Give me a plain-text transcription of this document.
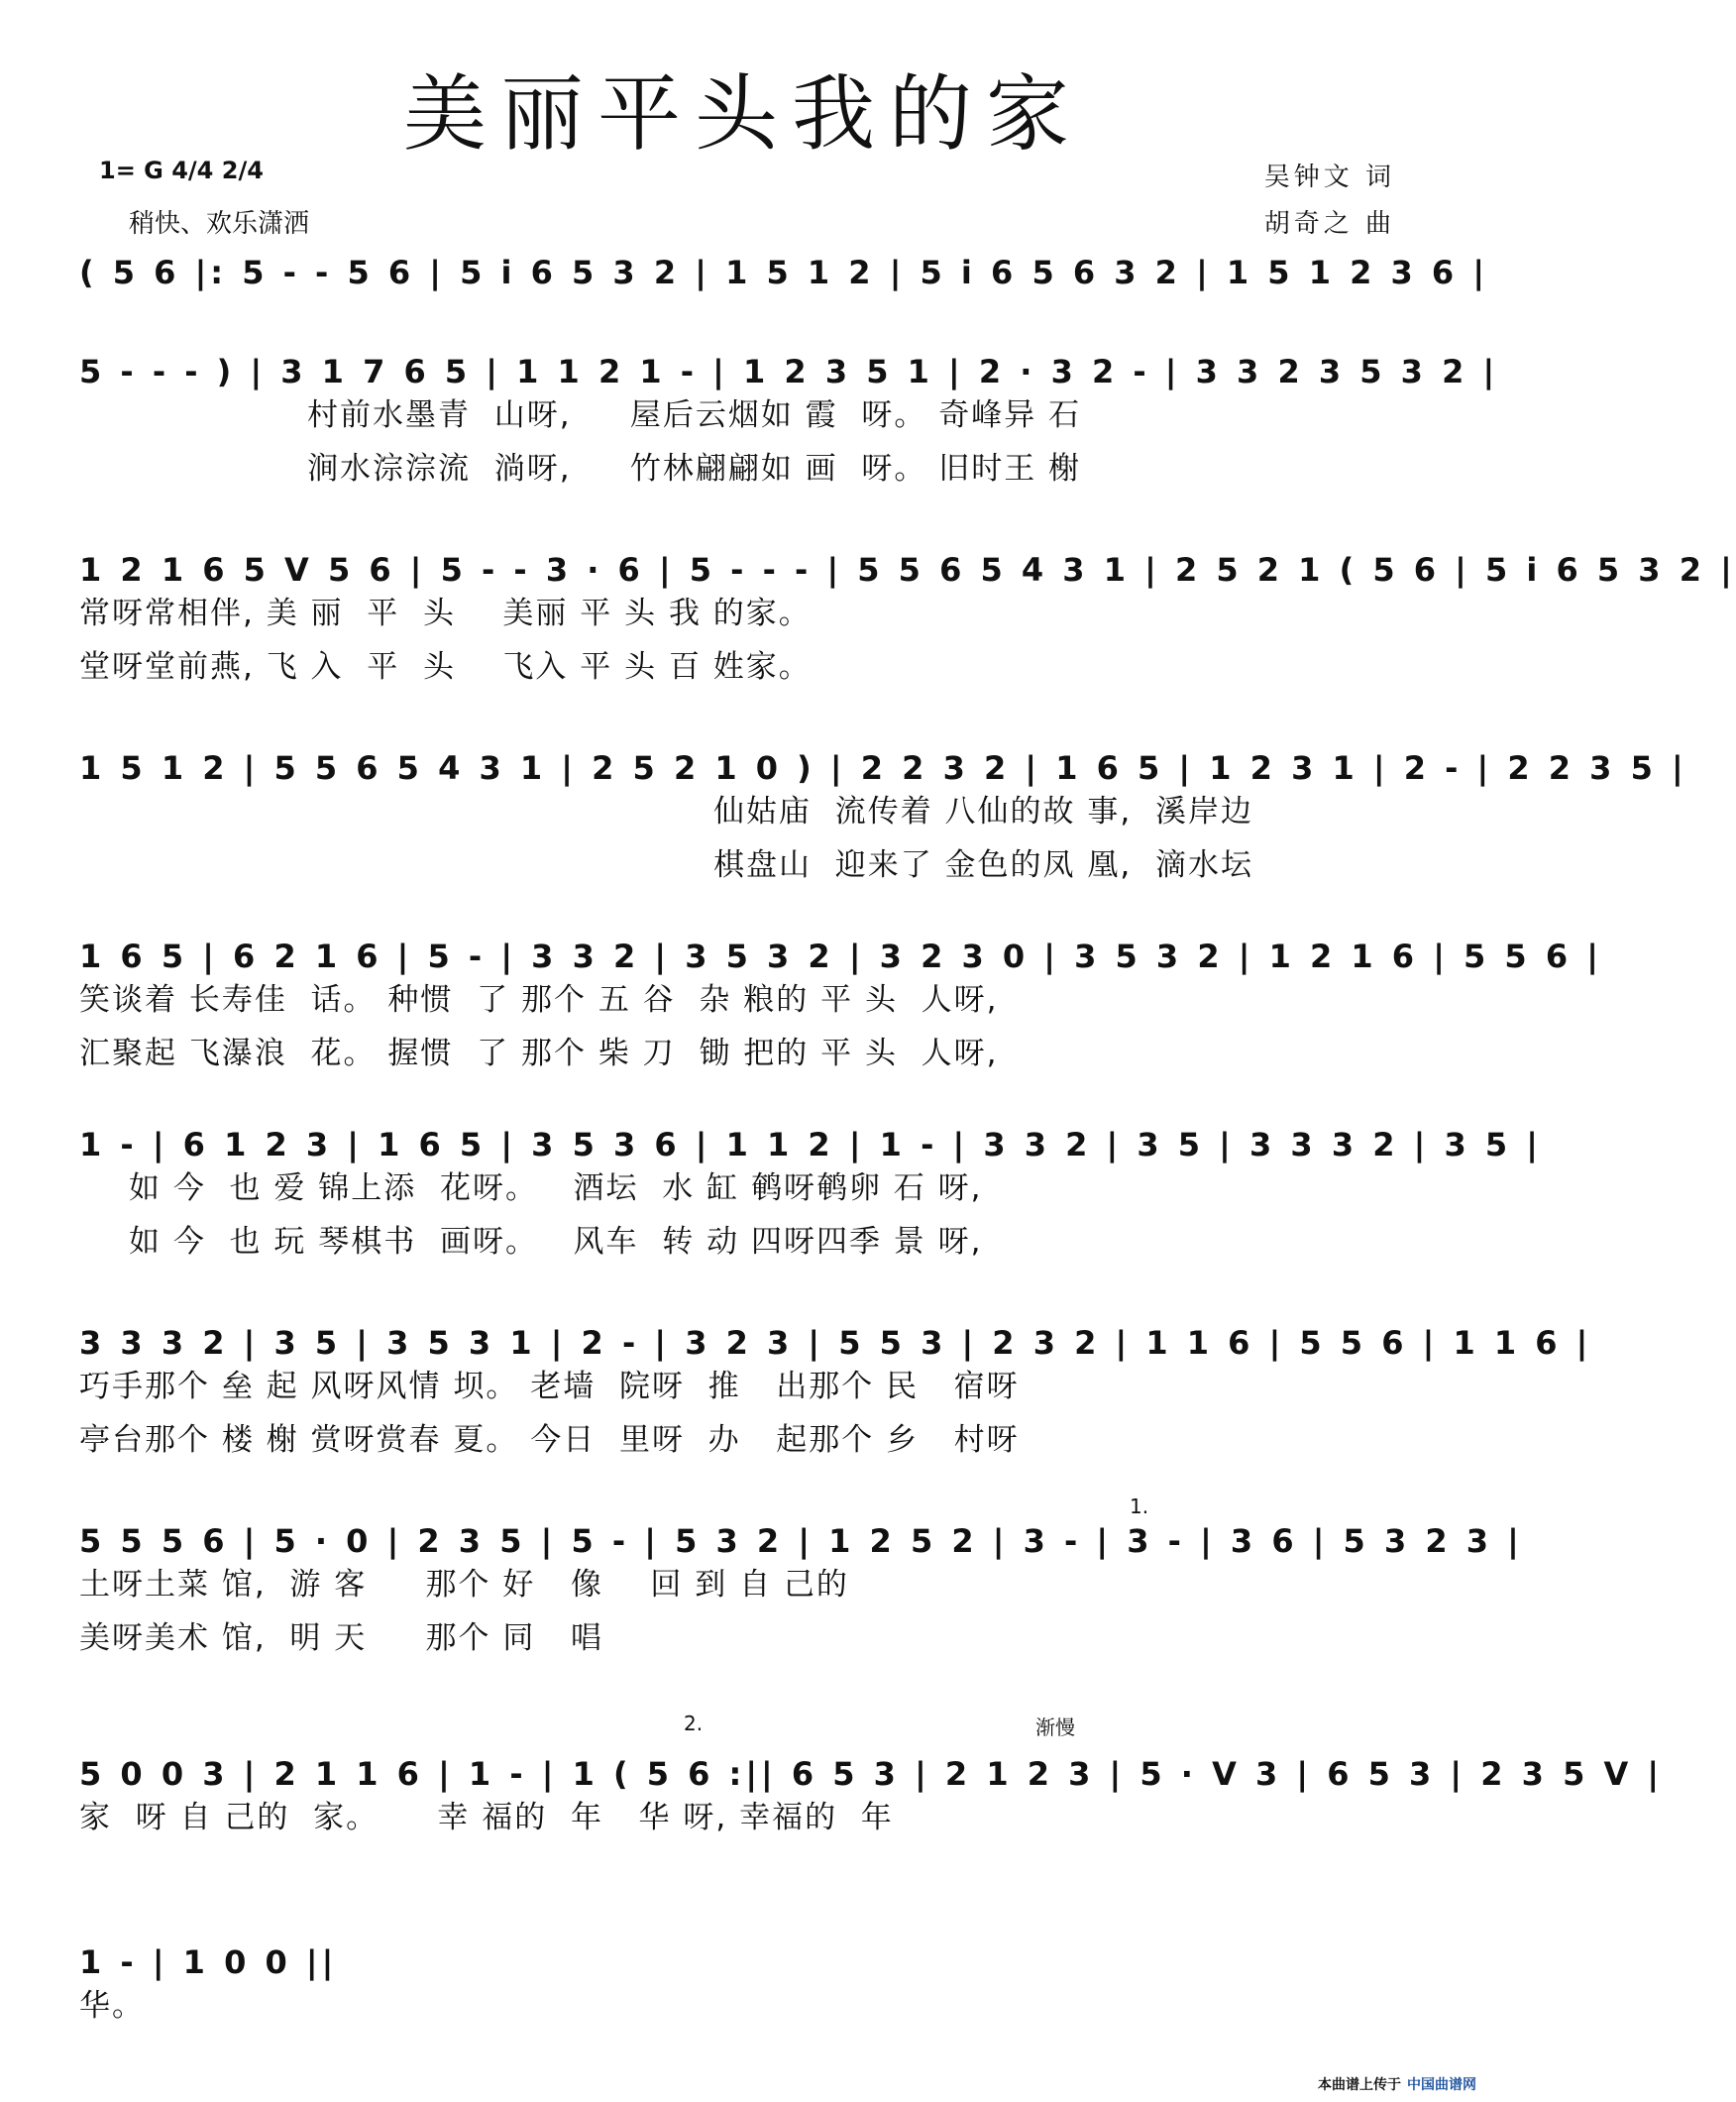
美丽平头我的家
1= G 4/4 2/4
稍快、欢乐潇洒
吴钟文 词
胡奇之 曲
( 5 6 |: 5 - - 5 6 | 5 i 6 5 3 2 | 1 5 1 2 | 5 i 6 5 6 3 2 | 1 5 1 2 3 6 |
5 - - - ) | 3 1 7 6 5 | 1 1 2 1 - | 1 2 3 5 1 | 2 · 3 2 - | 3 3 2 3 5 3 2 |
村前水墨青  山呀,     屋后云烟如 霞  呀。 奇峰异 石
涧水淙淙流  淌呀,     竹林翩翩如 画  呀。 旧时王 榭
1 2 1 6 5 V 5 6 | 5 - - 3 · 6 | 5 - - - | 5 5 6 5 4 3 1 | 2 5 2 1 ( 5 6 | 5 i 6 5 3 2 |
常呀常相伴, 美 丽  平  头    美丽 平 头 我 的家。
堂呀堂前燕, 飞 入  平  头    飞入 平 头 百 姓家。
1 5 1 2 | 5 5 6 5 4 3 1 | 2 5 2 1 0 ) | 2 2 3 2 | 1 6 5 | 1 2 3 1 | 2 - | 2 2 3 5 |
仙姑庙  流传着 八仙的故 事,  溪岸边
棋盘山  迎来了 金色的凤 凰,  滴水坛
1 6 5 | 6 2 1 6 | 5 - | 3 3 2 | 3 5 3 2 | 3 2 3 0 | 3 5 3 2 | 1 2 1 6 | 5 5 6 |
笑谈着 长寿佳  话。 种惯  了 那个 五 谷  杂 粮的 平 头  人呀,
汇聚起 飞瀑浪  花。 握惯  了 那个 柴 刀  锄 把的 平 头  人呀,
1 - | 6 1 2 3 | 1 6 5 | 3 5 3 6 | 1 1 2 | 1 - | 3 3 2 | 3 5 | 3 3 3 2 | 3 5 |
如 今  也 爱 锦上添  花呀。   酒坛  水 缸 鹌呀鹌卵 石 呀,
如 今  也 玩 琴棋书  画呀。   风车  转 动 四呀四季 景 呀,
3 3 3 2 | 3 5 | 3 5 3 1 | 2 - | 3 2 3 | 5 5 3 | 2 3 2 | 1 1 6 | 5 5 6 | 1 1 6 |
巧手那个 垒 起 风呀风情 坝。 老墙  院呀  推   出那个 民   宿呀
亭台那个 楼 榭 赏呀赏春 夏。 今日  里呀  办   起那个 乡   村呀
5 5 5 6 | 5 · 0 | 2 3 5 | 5 - | 5 3 2 | 1 2 5 2 | 3 - | 3 - | 3 6 | 5 3 2 3 |
土呀土菜 馆,  游 客     那个 好   像    回 到 自 己的
美呀美术 馆,  明 天     那个 同   唱
5 0 0 3 | 2 1 1 6 | 1 - | 1 ( 5 6 :|| 6 5 3 | 2 1 2 3 | 5 · V 3 | 6 5 3 | 2 3 5 V |
家  呀 自 己的  家。     幸 福的  年   华 呀, 幸福的  年
1 - | 1 0 0 ||
华。
1.
2.	渐慢
本曲谱上传于 中国曲谱网
